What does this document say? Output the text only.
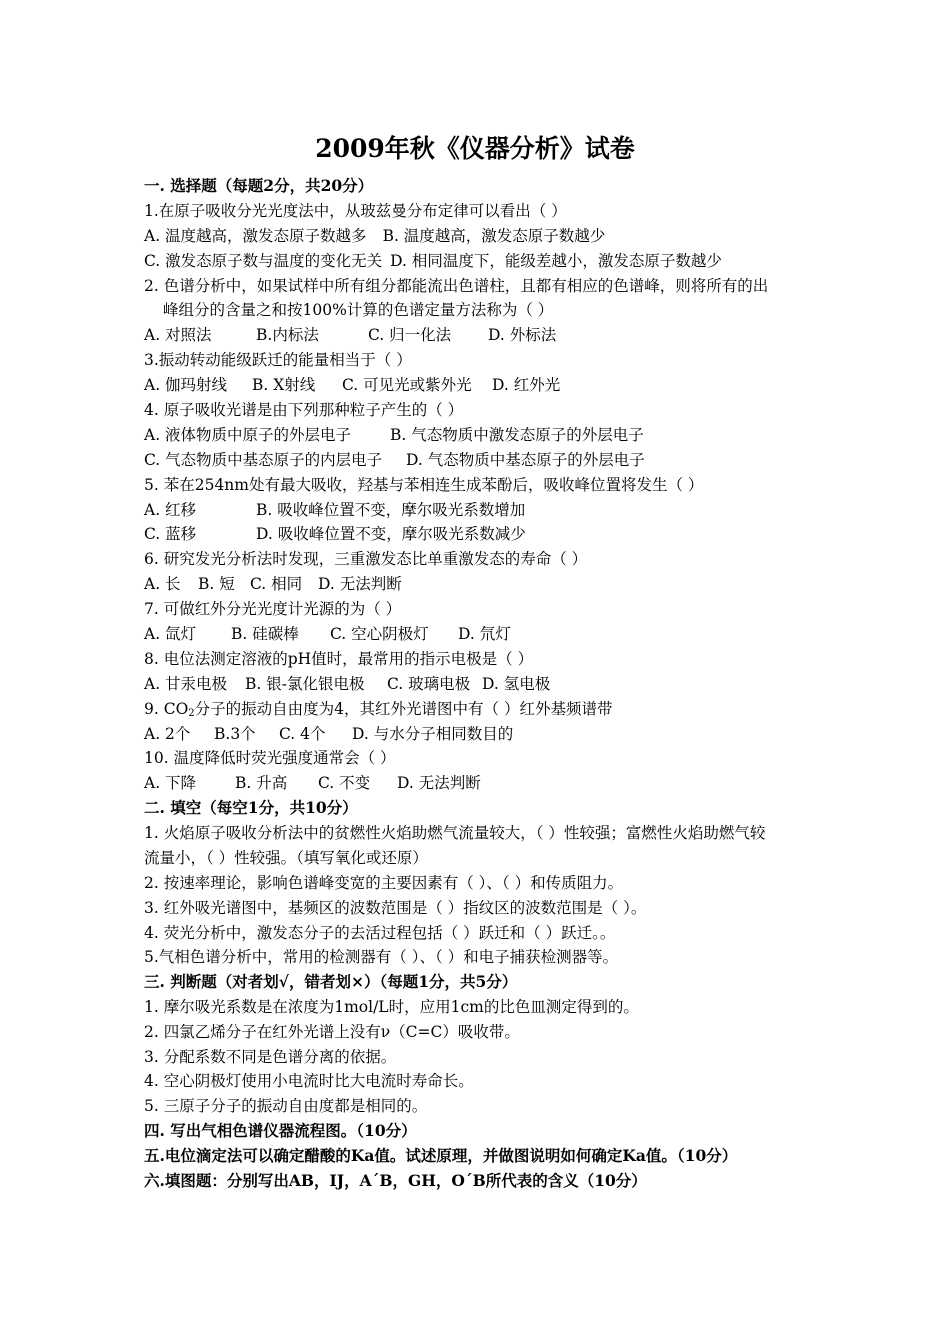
2009年秋《仪器分析》试卷
一. 选择题（每题2分，共20分）
1.在原子吸收分光光度法中，从玻兹曼分布定律可以看出（ ）
A. 温度越高，激发态原子数越多 B. 温度越高，激发态原子数越少
C. 激发态原子数与温度的变化无关 D. 相同温度下，能级差越小，激发态原子数越少
2. 色谱分析中，如果试样中所有组分都能流出色谱柱，且都有相应的色谱峰，则将所有的出
峰组分的含量之和按100%计算的色谱定量方法称为（ ）
A. 对照法	B.内标法	C. 归一化法 D. 外标法
3.振动转动能级跃迁的能量相当于（ ）
A. 伽玛射线 B. X射线 C. 可见光或紫外光 D. 红外光
4. 原子吸收光谱是由下列那种粒子产生的（ ）
A. 液体物质中原子的外层电子	B. 气态物质中激发态原子的外层电子
C. 气态物质中基态原子的内层电子 D. 气态物质中基态原子的外层电子
5. 苯在254nm处有最大吸收，羟基与苯相连生成苯酚后，吸收峰位置将发生（ ）
A. 红移	B. 吸收峰位置不变，摩尔吸光系数增加
C. 蓝移	D. 吸收峰位置不变，摩尔吸光系数减少
6. 研究发光分析法时发现，三重激发态比单重激发态的寿命（ ）
A. 长 B. 短 C. 相同 D. 无法判断
7. 可做红外分光光度计光源的为（ ）
A. 氙灯 B. 硅碳棒 C. 空心阴极灯 D. 氘灯
8. 电位法测定溶液的pH值时，最常用的指示电极是（ ）
A. 甘汞电极 B. 银-氯化银电极 C. 玻璃电极 D. 氢电极
9. $CO_2$分子的振动自由度为4，其红外光谱图中有（ ）红外基频谱带
A. 2个 B.3个 C. 4个 D. 与水分子相同数目的
10. 温度降低时荧光强度通常会（ ）
A. 下降	B. 升高 C. 不变 D. 无法判断
二. 填空（每空1分，共10分）
1. 火焰原子吸收分析法中的贫燃性火焰助燃气流量较大，（ ）性较强；富燃性火焰助燃气较
流量小，（ ）性较强。（填写氧化或还原）
2. 按速率理论，影响色谱峰变宽的主要因素有（ ）、（ ）和传质阻力。
3. 红外吸光谱图中，基频区的波数范围是（ ）指纹区的波数范围是（ ）。
4. 荧光分析中，激发态分子的去活过程包括（ ）跃迁和（ ）跃迁。。
5.气相色谱分析中，常用的检测器有（ ）、（ ）和电子捕获检测器等。
三. 判断题（对者划√，错者划×）（每题1分，共5分）
1. 摩尔吸光系数是在浓度为1mol/L时，应用1cm的比色皿测定得到的。
2. 四氯乙烯分子在红外光谱上没有ν（C=C）吸收带。
3. 分配系数不同是色谱分离的依据。
4. 空心阴极灯使用小电流时比大电流时寿命长。
5. 三原子分子的振动自由度都是相同的。
四. 写出气相色谱仪器流程图。（10分）
五.电位滴定法可以确定醋酸的Ka值。试述原理，并做图说明如何确定Ka值。（10分）
六.填图题：分别写出AB，IJ，A´B，GH，O´B所代表的含义（10分）
